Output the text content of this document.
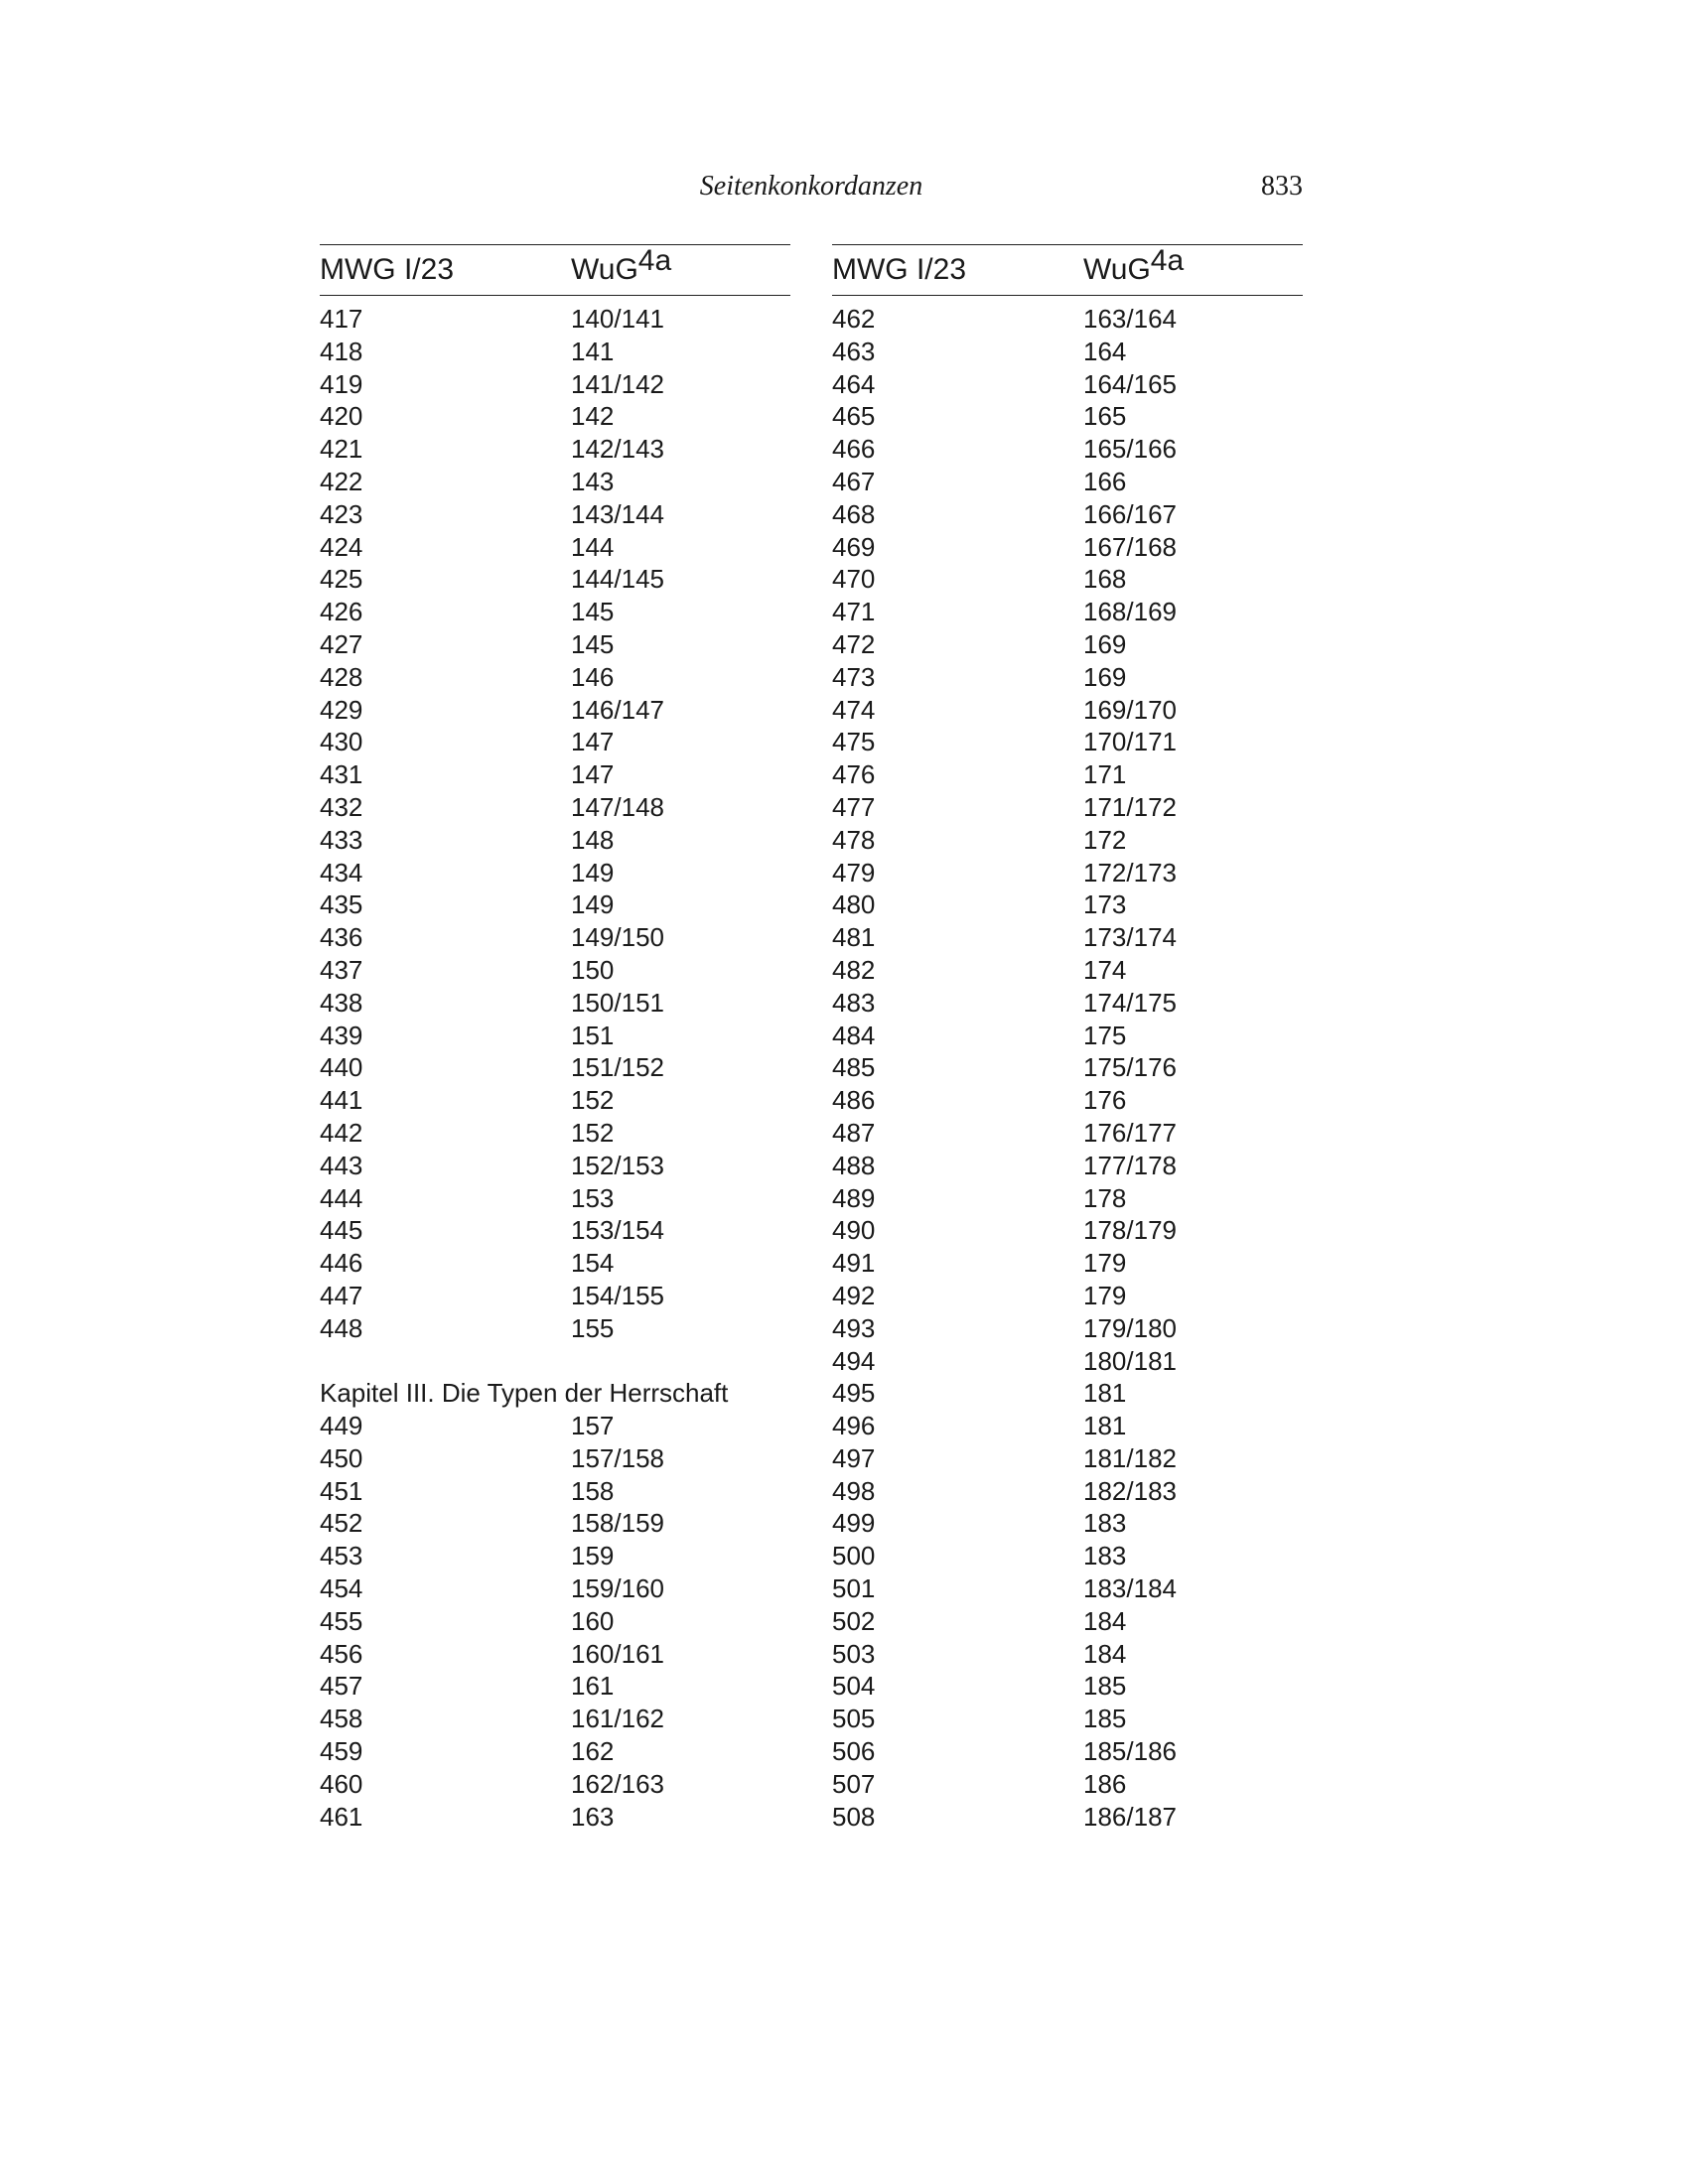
Seitenkonkordanzen	833
MWG I/23	WuG 4a
417	140/141
418	141
419	141/142
420	142
421	142/143
422	143
423	143/144
424	144
425	144/145
426	145
427	145
428	146
429	146/147
430	147
431	147
432	147/148
433	148
434	149
435	149
436	149/150
437	150
438	150/151
439	151
440	151/152
441	152
442	152
443	152/153
444	153
445	153/154
446	154
447	154/155
448	155
Kapitel III. Die Typen der Herrschaft
449	157
450	157/158
451	158
452	158/159
453	159
454	159/160
455	160
456	160/161
457	161
458	161/162
459	162
460	162/163
461	163
MWG I/23	WuG 4a
462	163/164
463	164
464	164/165
465	165
466	165/166
467	166
468	166/167
469	167/168
470	168
471	168/169
472	169
473	169
474	169/170
475	170/171
476	171
477	171/172
478	172
479	172/173
480	173
481	173/174
482	174
483	174/175
484	175
485	175/176
486	176
487	176/177
488	177/178
489	178
490	178/179
491	179
492	179
493	179/180
494	180/181
495	181
496	181
497	181/182
498	182/183
499	183
500	183
501	183/184
502	184
503	184
504	185
505	185
506	185/186
507	186
508	186/187
